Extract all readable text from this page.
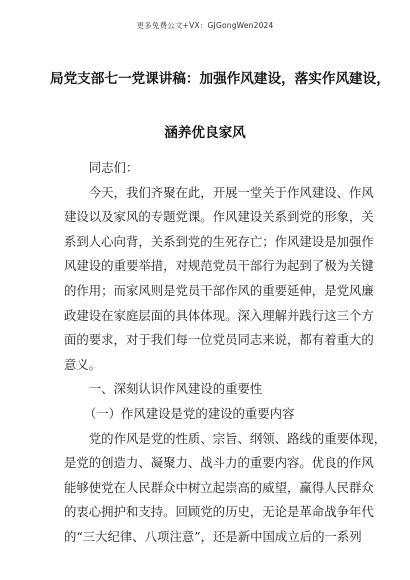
更多免费公文+VX：GJGongWen2024
局党支部七一党课讲稿：加强作风建设，落实作风建设，
涵养优良家风

同志们：

今天，我们齐聚在此，开展一堂关于作风建设、作风
建设以及家风的专题党课。作风建设关系到党的形象，关
系到人心向背，关系到党的生死存亡；作风建设是加强作
风建设的重要举措，对规范党员干部行为起到了极为关键
的作用；而家风则是党员干部作风的重要延伸，是党风廉
政建设在家庭层面的具体体现。深入理解并践行这三个方
面的要求，对于我们每一位党员同志来说，都有着重大的
意义。

一、深刻认识作风建设的重要性

（一）作风建设是党的建设的重要内容

党的作风是党的性质、宗旨、纲领、路线的重要体现，
是党的创造力、凝聚力、战斗力的重要内容。优良的作风
能够使党在人民群众中树立起崇高的威望，赢得人民群众
的衷心拥护和支持。回顾党的历史，无论是革命战争年代
的“三大纪律、八项注意”，还是新中国成立后的一系列
